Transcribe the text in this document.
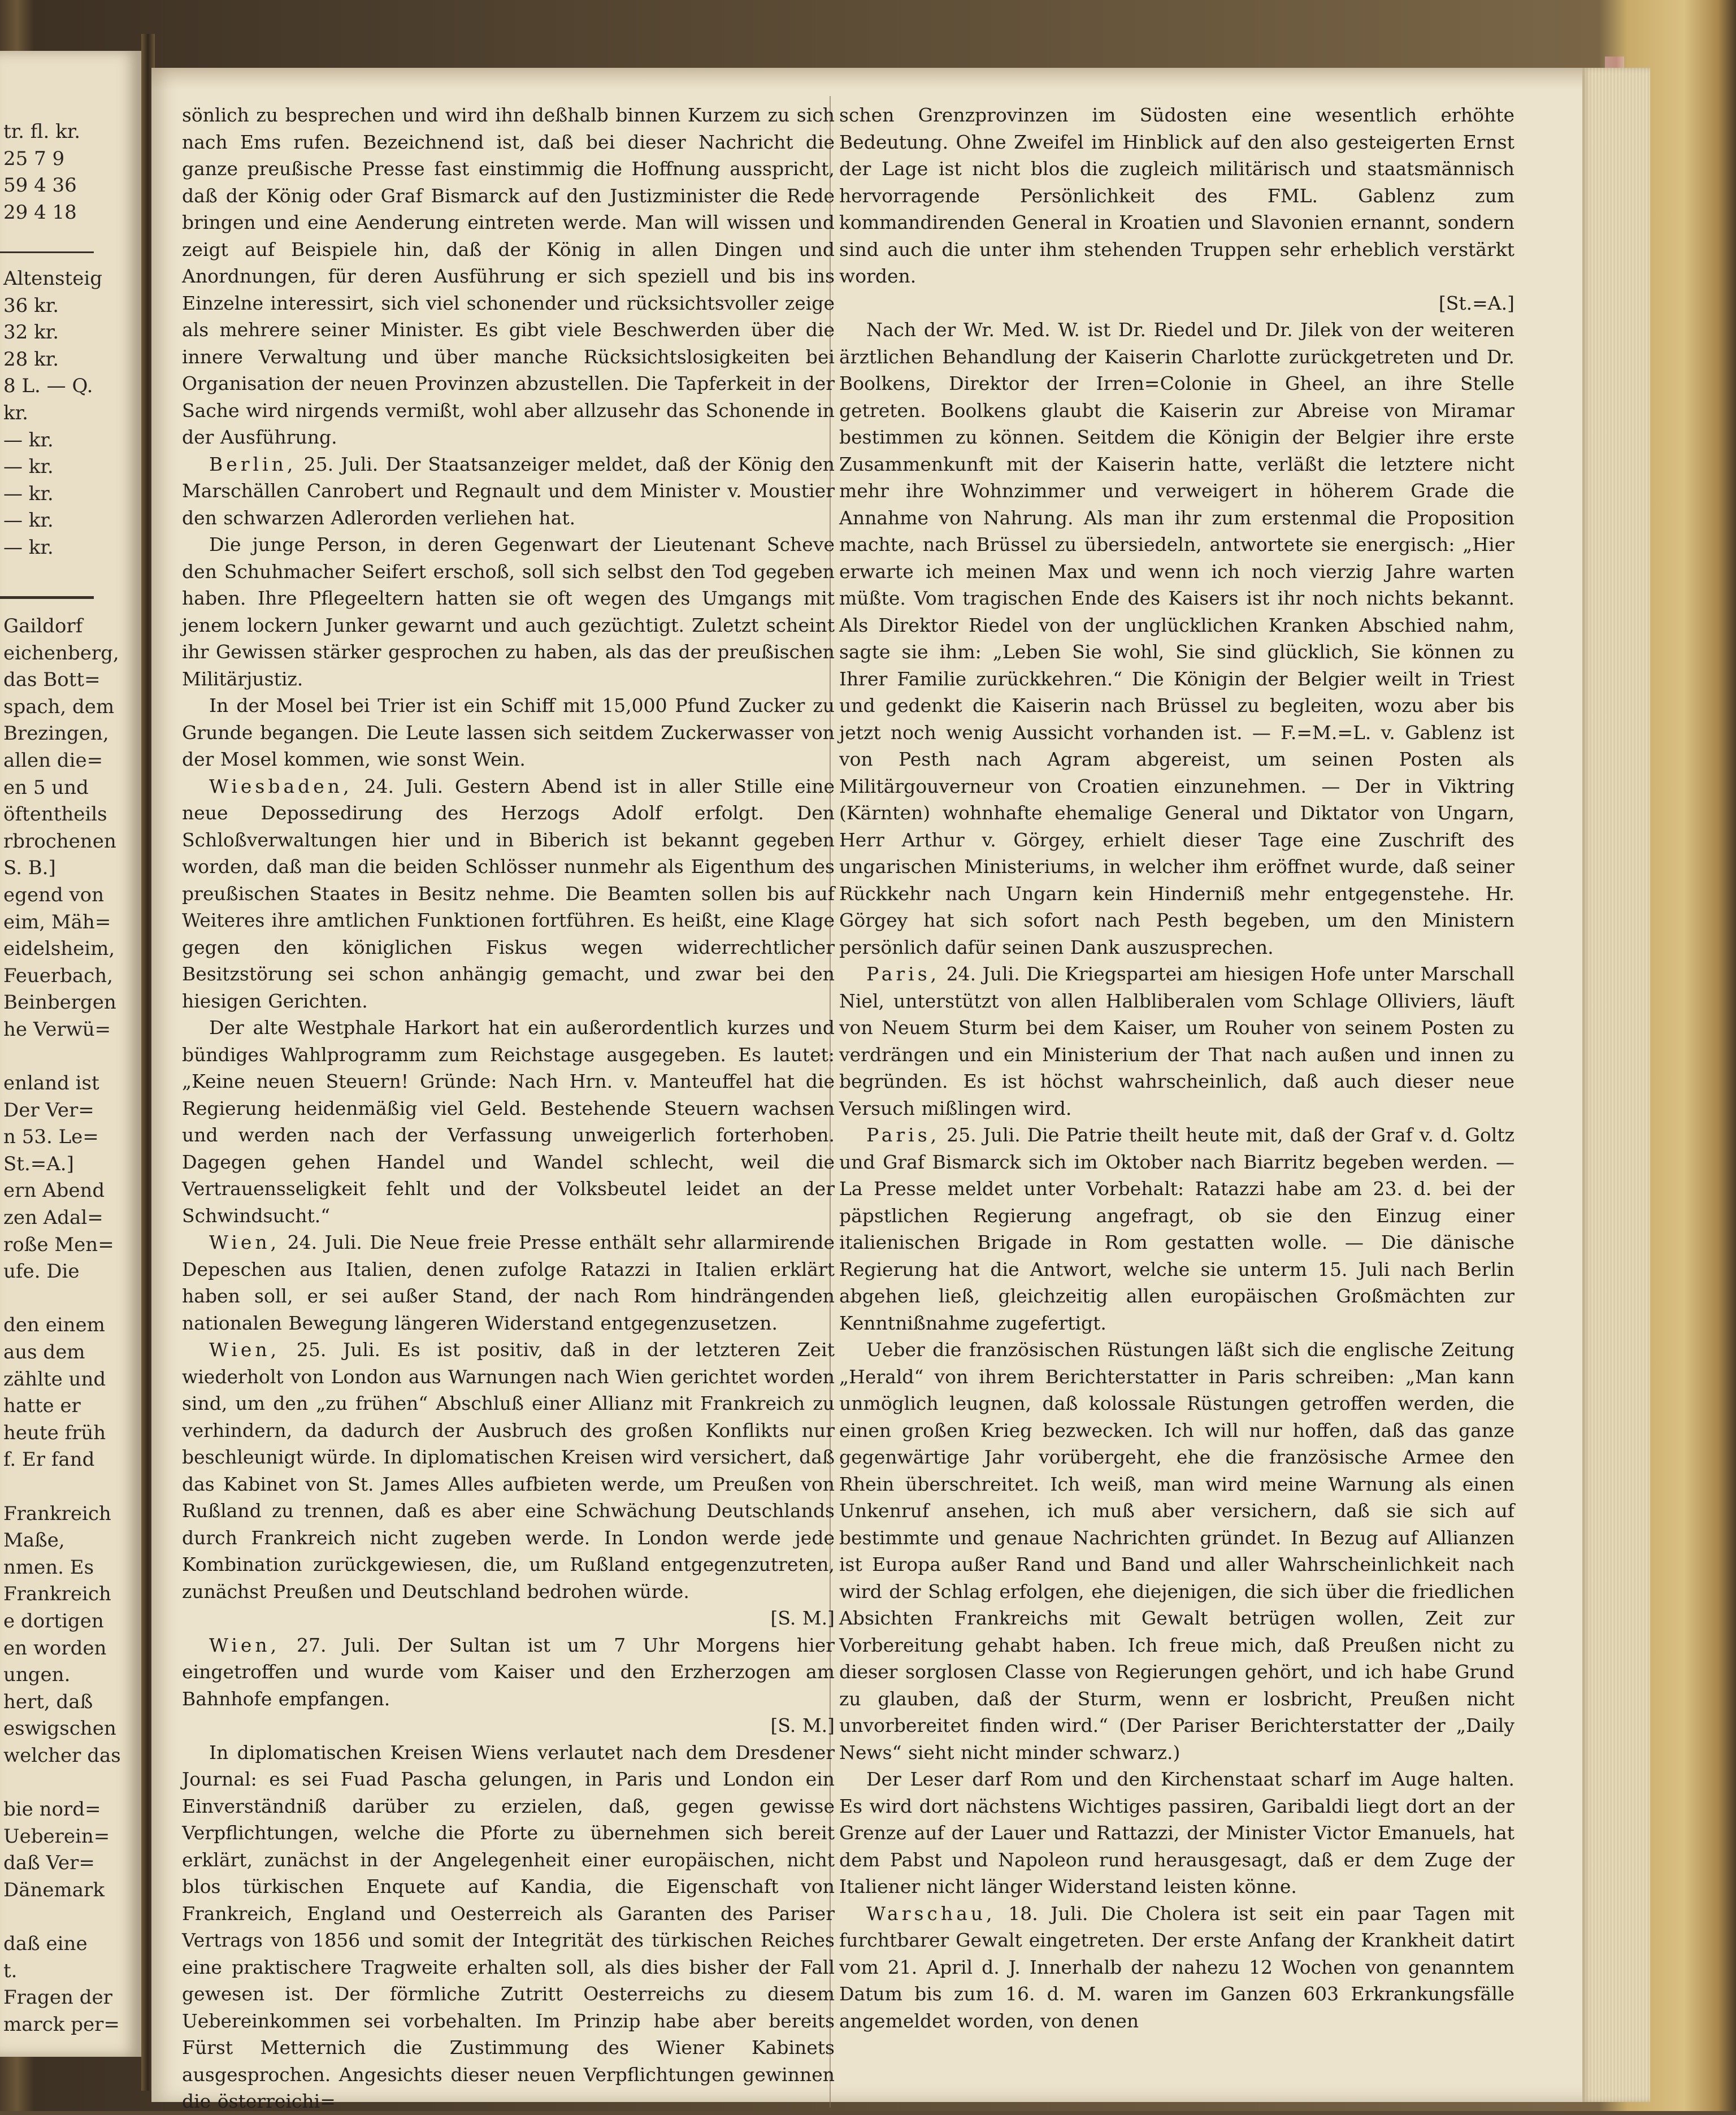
tr. fl. kr.
25 7 9
59 4 36
29 4 18
Altensteig
36 kr.
32 kr.
28 kr.
8 L. — Q.
kr.
— kr.
— kr.
— kr.
— kr.
— kr.
Gaildorf
eichenberg,
das Bott=
spach, dem
Brezingen,
allen die=
en 5 und
öftentheils
rbrochenen
S. B.]
egend von
eim, Mäh=
eidelsheim,
Feuerbach,
Beinbergen
he Verwü=
enland ist
Der Ver=
n 53. Le=
St.=A.]
ern Abend
zen Adal=
roße Men=
ufe. Die
den einem
aus dem
zählte und
hatte er
heute früh
f. Er fand
Frankreich
Maße,
nmen. Es
Frankreich
e dortigen
en worden
ungen.
hert, daß
eswigschen
welcher das
bie nord=
Ueberein=
daß Ver=
Dänemark
daß eine
t.
Fragen der
marck per=

sönlich zu besprechen und wird ihn deßhalb binnen Kurzem zu sich nach Ems rufen. Bezeichnend ist, daß bei dieser Nachricht die ganze preußische Presse fast einstimmig die Hoffnung ausspricht, daß der König oder Graf Bismarck auf den Justizminister die Rede bringen und eine Aenderung eintreten werde. Man will wissen und zeigt auf Beispiele hin, daß der König in allen Dingen und Anordnungen, für deren Ausführung er sich speziell und bis ins Einzelne interessirt, sich viel schonender und rücksichtsvoller zeige als mehrere seiner Minister. Es gibt viele Beschwerden über die innere Verwaltung und über manche Rücksichtslosigkeiten bei Organisation der neuen Provinzen abzustellen. Die Tapferkeit in der Sache wird nirgends vermißt, wohl aber allzusehr das Schonende in der Ausführung.

Berlin, 25. Juli. Der Staatsanzeiger meldet, daß der König den Marschällen Canrobert und Regnault und dem Minister v. Moustier den schwarzen Adlerorden verliehen hat.

Die junge Person, in deren Gegenwart der Lieutenant Scheve den Schuhmacher Seifert erschoß, soll sich selbst den Tod gegeben haben. Ihre Pflegeeltern hatten sie oft wegen des Umgangs mit jenem lockern Junker gewarnt und auch gezüchtigt. Zuletzt scheint ihr Gewissen stärker gesprochen zu haben, als das der preußischen Militärjustiz.

In der Mosel bei Trier ist ein Schiff mit 15,000 Pfund Zucker zu Grunde begangen. Die Leute lassen sich seitdem Zuckerwasser von der Mosel kommen, wie sonst Wein.

Wiesbaden, 24. Juli. Gestern Abend ist in aller Stille eine neue Depossedirung des Herzogs Adolf erfolgt. Den Schloßverwaltungen hier und in Biberich ist bekannt gegeben worden, daß man die beiden Schlösser nunmehr als Eigenthum des preußischen Staates in Besitz nehme. Die Beamten sollen bis auf Weiteres ihre amtlichen Funktionen fortführen. Es heißt, eine Klage gegen den königlichen Fiskus wegen widerrechtlicher Besitzstörung sei schon anhängig gemacht, und zwar bei den hiesigen Gerichten.

Der alte Westphale Harkort hat ein außerordentlich kurzes und bündiges Wahlprogramm zum Reichstage ausgegeben. Es lautet: „Keine neuen Steuern! Gründe: Nach Hrn. v. Manteuffel hat die Regierung heidenmäßig viel Geld. Bestehende Steuern wachsen und werden nach der Verfassung unweigerlich forterhoben. Dagegen gehen Handel und Wandel schlecht, weil die Vertrauensseligkeit fehlt und der Volksbeutel leidet an der Schwindsucht.“

Wien, 24. Juli. Die Neue freie Presse enthält sehr allarmirende Depeschen aus Italien, denen zufolge Ratazzi in Italien erklärt haben soll, er sei außer Stand, der nach Rom hindrängenden nationalen Bewegung längeren Widerstand entgegenzusetzen.

Wien, 25. Juli. Es ist positiv, daß in der letzteren Zeit wiederholt von London aus Warnungen nach Wien gerichtet worden sind, um den „zu frühen“ Abschluß einer Allianz mit Frankreich zu verhindern, da dadurch der Ausbruch des großen Konflikts nur beschleunigt würde. In diplomatischen Kreisen wird versichert, daß das Kabinet von St. James Alles aufbieten werde, um Preußen von Rußland zu trennen, daß es aber eine Schwächung Deutschlands durch Frankreich nicht zugeben werde. In London werde jede Kombination zurückgewiesen, die, um Rußland entgegenzutreten, zunächst Preußen und Deutschland bedrohen würde.

[S. M.]

Wien, 27. Juli. Der Sultan ist um 7 Uhr Morgens hier eingetroffen und wurde vom Kaiser und den Erzherzogen am Bahnhofe empfangen.

[S. M.]

In diplomatischen Kreisen Wiens verlautet nach dem Dresdener Journal: es sei Fuad Pascha gelungen, in Paris und London ein Einverständniß darüber zu erzielen, daß, gegen gewisse Verpflichtungen, welche die Pforte zu übernehmen sich bereit erklärt, zunächst in der Angelegenheit einer europäischen, nicht blos türkischen Enquete auf Kandia, die Eigenschaft von Frankreich, England und Oesterreich als Garanten des Pariser Vertrags von 1856 und somit der Integrität des türkischen Reiches eine praktischere Tragweite erhalten soll, als dies bisher der Fall gewesen ist. Der förmliche Zutritt Oesterreichs zu diesem Uebereinkommen sei vorbehalten. Im Prinzip habe aber bereits Fürst Metternich die Zustimmung des Wiener Kabinets ausgesprochen. Angesichts dieser neuen Verpflichtungen gewinnen die österreichi=

schen Grenzprovinzen im Südosten eine wesentlich erhöhte Bedeutung. Ohne Zweifel im Hinblick auf den also gesteigerten Ernst der Lage ist nicht blos die zugleich militärisch und staatsmännisch hervorragende Persönlichkeit des FML. Gablenz zum kommandirenden General in Kroatien und Slavonien ernannt, sondern sind auch die unter ihm stehenden Truppen sehr erheblich verstärkt worden.

[St.=A.]

Nach der Wr. Med. W. ist Dr. Riedel und Dr. Jilek von der weiteren ärztlichen Behandlung der Kaiserin Charlotte zurückgetreten und Dr. Boolkens, Direktor der Irren=Colonie in Gheel, an ihre Stelle getreten. Boolkens glaubt die Kaiserin zur Abreise von Miramar bestimmen zu können. Seitdem die Königin der Belgier ihre erste Zusammenkunft mit der Kaiserin hatte, verläßt die letztere nicht mehr ihre Wohnzimmer und verweigert in höherem Grade die Annahme von Nahrung. Als man ihr zum erstenmal die Proposition machte, nach Brüssel zu übersiedeln, antwortete sie energisch: „Hier erwarte ich meinen Max und wenn ich noch vierzig Jahre warten müßte. Vom tragischen Ende des Kaisers ist ihr noch nichts bekannt. Als Direktor Riedel von der unglücklichen Kranken Abschied nahm, sagte sie ihm: „Leben Sie wohl, Sie sind glücklich, Sie können zu Ihrer Familie zurückkehren.“ Die Königin der Belgier weilt in Triest und gedenkt die Kaiserin nach Brüssel zu begleiten, wozu aber bis jetzt noch wenig Aussicht vorhanden ist. — F.=M.=L. v. Gablenz ist von Pesth nach Agram abgereist, um seinen Posten als Militärgouverneur von Croatien einzunehmen. — Der in Viktring (Kärnten) wohnhafte ehemalige General und Diktator von Ungarn, Herr Arthur v. Görgey, erhielt dieser Tage eine Zuschrift des ungarischen Ministeriums, in welcher ihm eröffnet wurde, daß seiner Rückkehr nach Ungarn kein Hinderniß mehr entgegenstehe. Hr. Görgey hat sich sofort nach Pesth begeben, um den Ministern persönlich dafür seinen Dank auszusprechen.

Paris, 24. Juli. Die Kriegspartei am hiesigen Hofe unter Marschall Niel, unterstützt von allen Halbliberalen vom Schlage Olliviers, läuft von Neuem Sturm bei dem Kaiser, um Rouher von seinem Posten zu verdrängen und ein Ministerium der That nach außen und innen zu begründen. Es ist höchst wahrscheinlich, daß auch dieser neue Versuch mißlingen wird.

Paris, 25. Juli. Die Patrie theilt heute mit, daß der Graf v. d. Goltz und Graf Bismarck sich im Oktober nach Biarritz begeben werden. — La Presse meldet unter Vorbehalt: Ratazzi habe am 23. d. bei der päpstlichen Regierung angefragt, ob sie den Einzug einer italienischen Brigade in Rom gestatten wolle. — Die dänische Regierung hat die Antwort, welche sie unterm 15. Juli nach Berlin abgehen ließ, gleichzeitig allen europäischen Großmächten zur Kenntnißnahme zugefertigt.

Ueber die französischen Rüstungen läßt sich die englische Zeitung „Herald“ von ihrem Berichterstatter in Paris schreiben: „Man kann unmöglich leugnen, daß kolossale Rüstungen getroffen werden, die einen großen Krieg bezwecken. Ich will nur hoffen, daß das ganze gegenwärtige Jahr vorübergeht, ehe die französische Armee den Rhein überschreitet. Ich weiß, man wird meine Warnung als einen Unkenruf ansehen, ich muß aber versichern, daß sie sich auf bestimmte und genaue Nachrichten gründet. In Bezug auf Allianzen ist Europa außer Rand und Band und aller Wahrscheinlichkeit nach wird der Schlag erfolgen, ehe diejenigen, die sich über die friedlichen Absichten Frankreichs mit Gewalt betrügen wollen, Zeit zur Vorbereitung gehabt haben. Ich freue mich, daß Preußen nicht zu dieser sorglosen Classe von Regierungen gehört, und ich habe Grund zu glauben, daß der Sturm, wenn er losbricht, Preußen nicht unvorbereitet finden wird.“ (Der Pariser Berichterstatter der „Daily News“ sieht nicht minder schwarz.)

Der Leser darf Rom und den Kirchenstaat scharf im Auge halten. Es wird dort nächstens Wichtiges passiren, Garibaldi liegt dort an der Grenze auf der Lauer und Rattazzi, der Minister Victor Emanuels, hat dem Pabst und Napoleon rund herausgesagt, daß er dem Zuge der Italiener nicht länger Widerstand leisten könne.

Warschau, 18. Juli. Die Cholera ist seit ein paar Tagen mit furchtbarer Gewalt eingetreten. Der erste Anfang der Krankheit datirt vom 21. April d. J. Innerhalb der nahezu 12 Wochen von genanntem Datum bis zum 16. d. M. waren im Ganzen 603 Erkrankungsfälle angemeldet worden, von denen
